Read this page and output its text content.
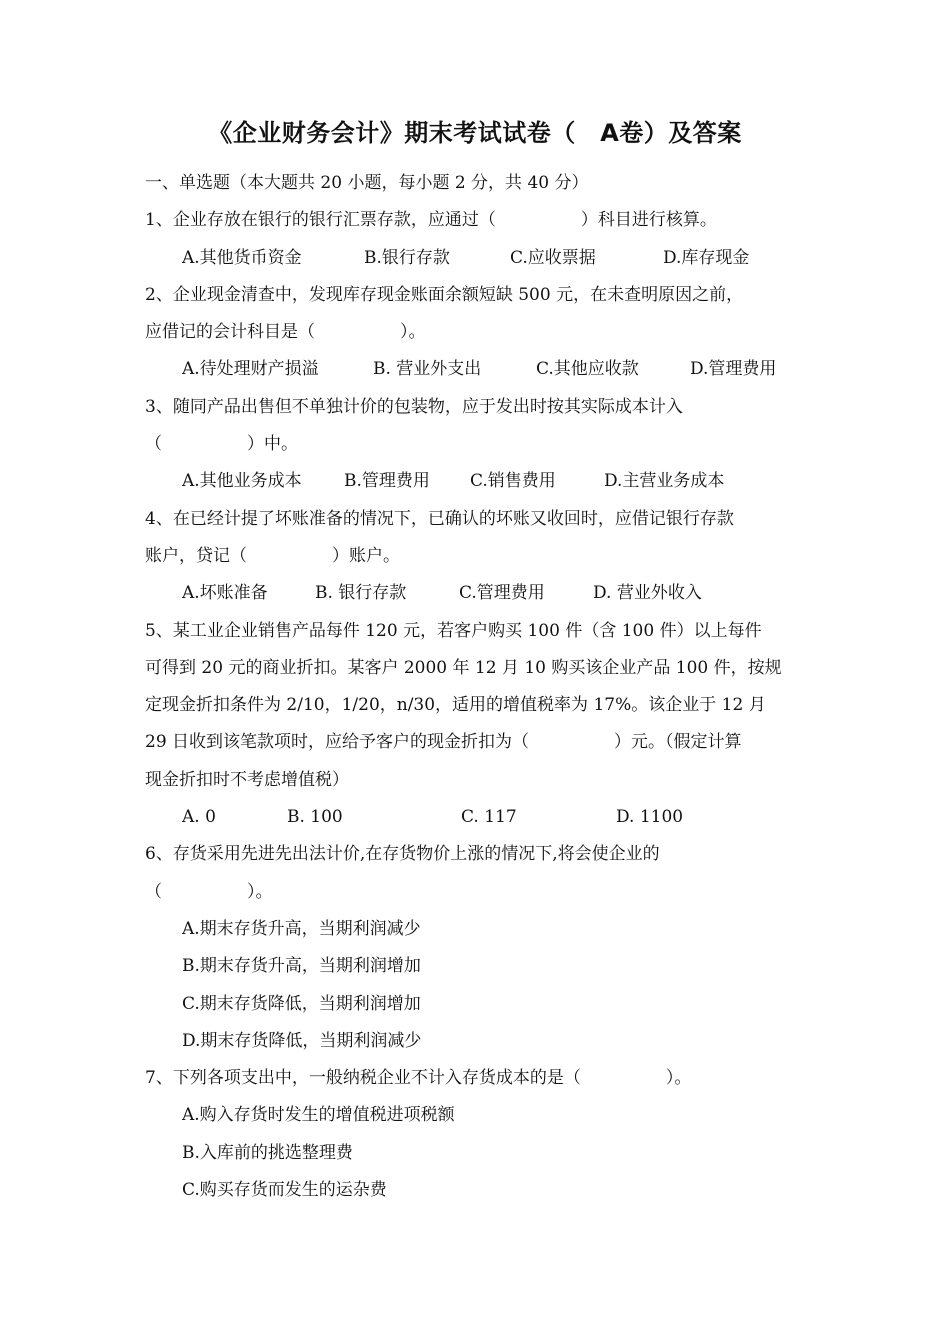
《企业财务会计》期末考试试卷（　A卷）及答案
一、单选题（本大题共 20 小题，每小题 2 分，共 40 分）
1、企业存放在银行的银行汇票存款，应通过（　　　　　）科目进行核算。
A.其他货币资金	B.银行存款	C.应收票据	D.库存现金
2、企业现金清查中，发现库存现金账面余额短缺 500 元，在未查明原因之前，
应借记的会计科目是（　　　　　）。
A.待处理财产损溢	B. 营业外支出	C.其他应收款	D.管理费用
3、随同产品出售但不单独计价的包装物，应于发出时按其实际成本计入
（　　　　　）中。
A.其他业务成本 B.管理费用 C.销售费用	D.主营业务成本
4、在已经计提了坏账准备的情况下，已确认的坏账又收回时，应借记银行存款
账户，贷记（　　　　　）账户。
A.坏账准备	B. 银行存款	C.管理费用	D. 营业外收入
5、某工业企业销售产品每件 120 元，若客户购买 100 件（含 100 件）以上每件
可得到 20 元的商业折扣。某客户 2000 年 12 月 10 购买该企业产品 100 件，按规
定现金折扣条件为 2/10，1/20，n/30，适用的增值税率为 17%。该企业于 12 月
29 日收到该笔款项时，应给予客户的现金折扣为（　　　　　）元。（假定计算
现金折扣时不考虑增值税）
A. 0	B. 100	C. 117	D. 1100
6、存货采用先进先出法计价,在存货物价上涨的情况下,将会使企业的
（　　　　　）。
A.期末存货升高，当期利润减少
B.期末存货升高，当期利润增加
C.期末存货降低，当期利润增加
D.期末存货降低，当期利润减少
7、下列各项支出中，一般纳税企业不计入存货成本的是（　　　　　）。
A.购入存货时发生的增值税进项税额
B.入库前的挑选整理费
C.购买存货而发生的运杂费
